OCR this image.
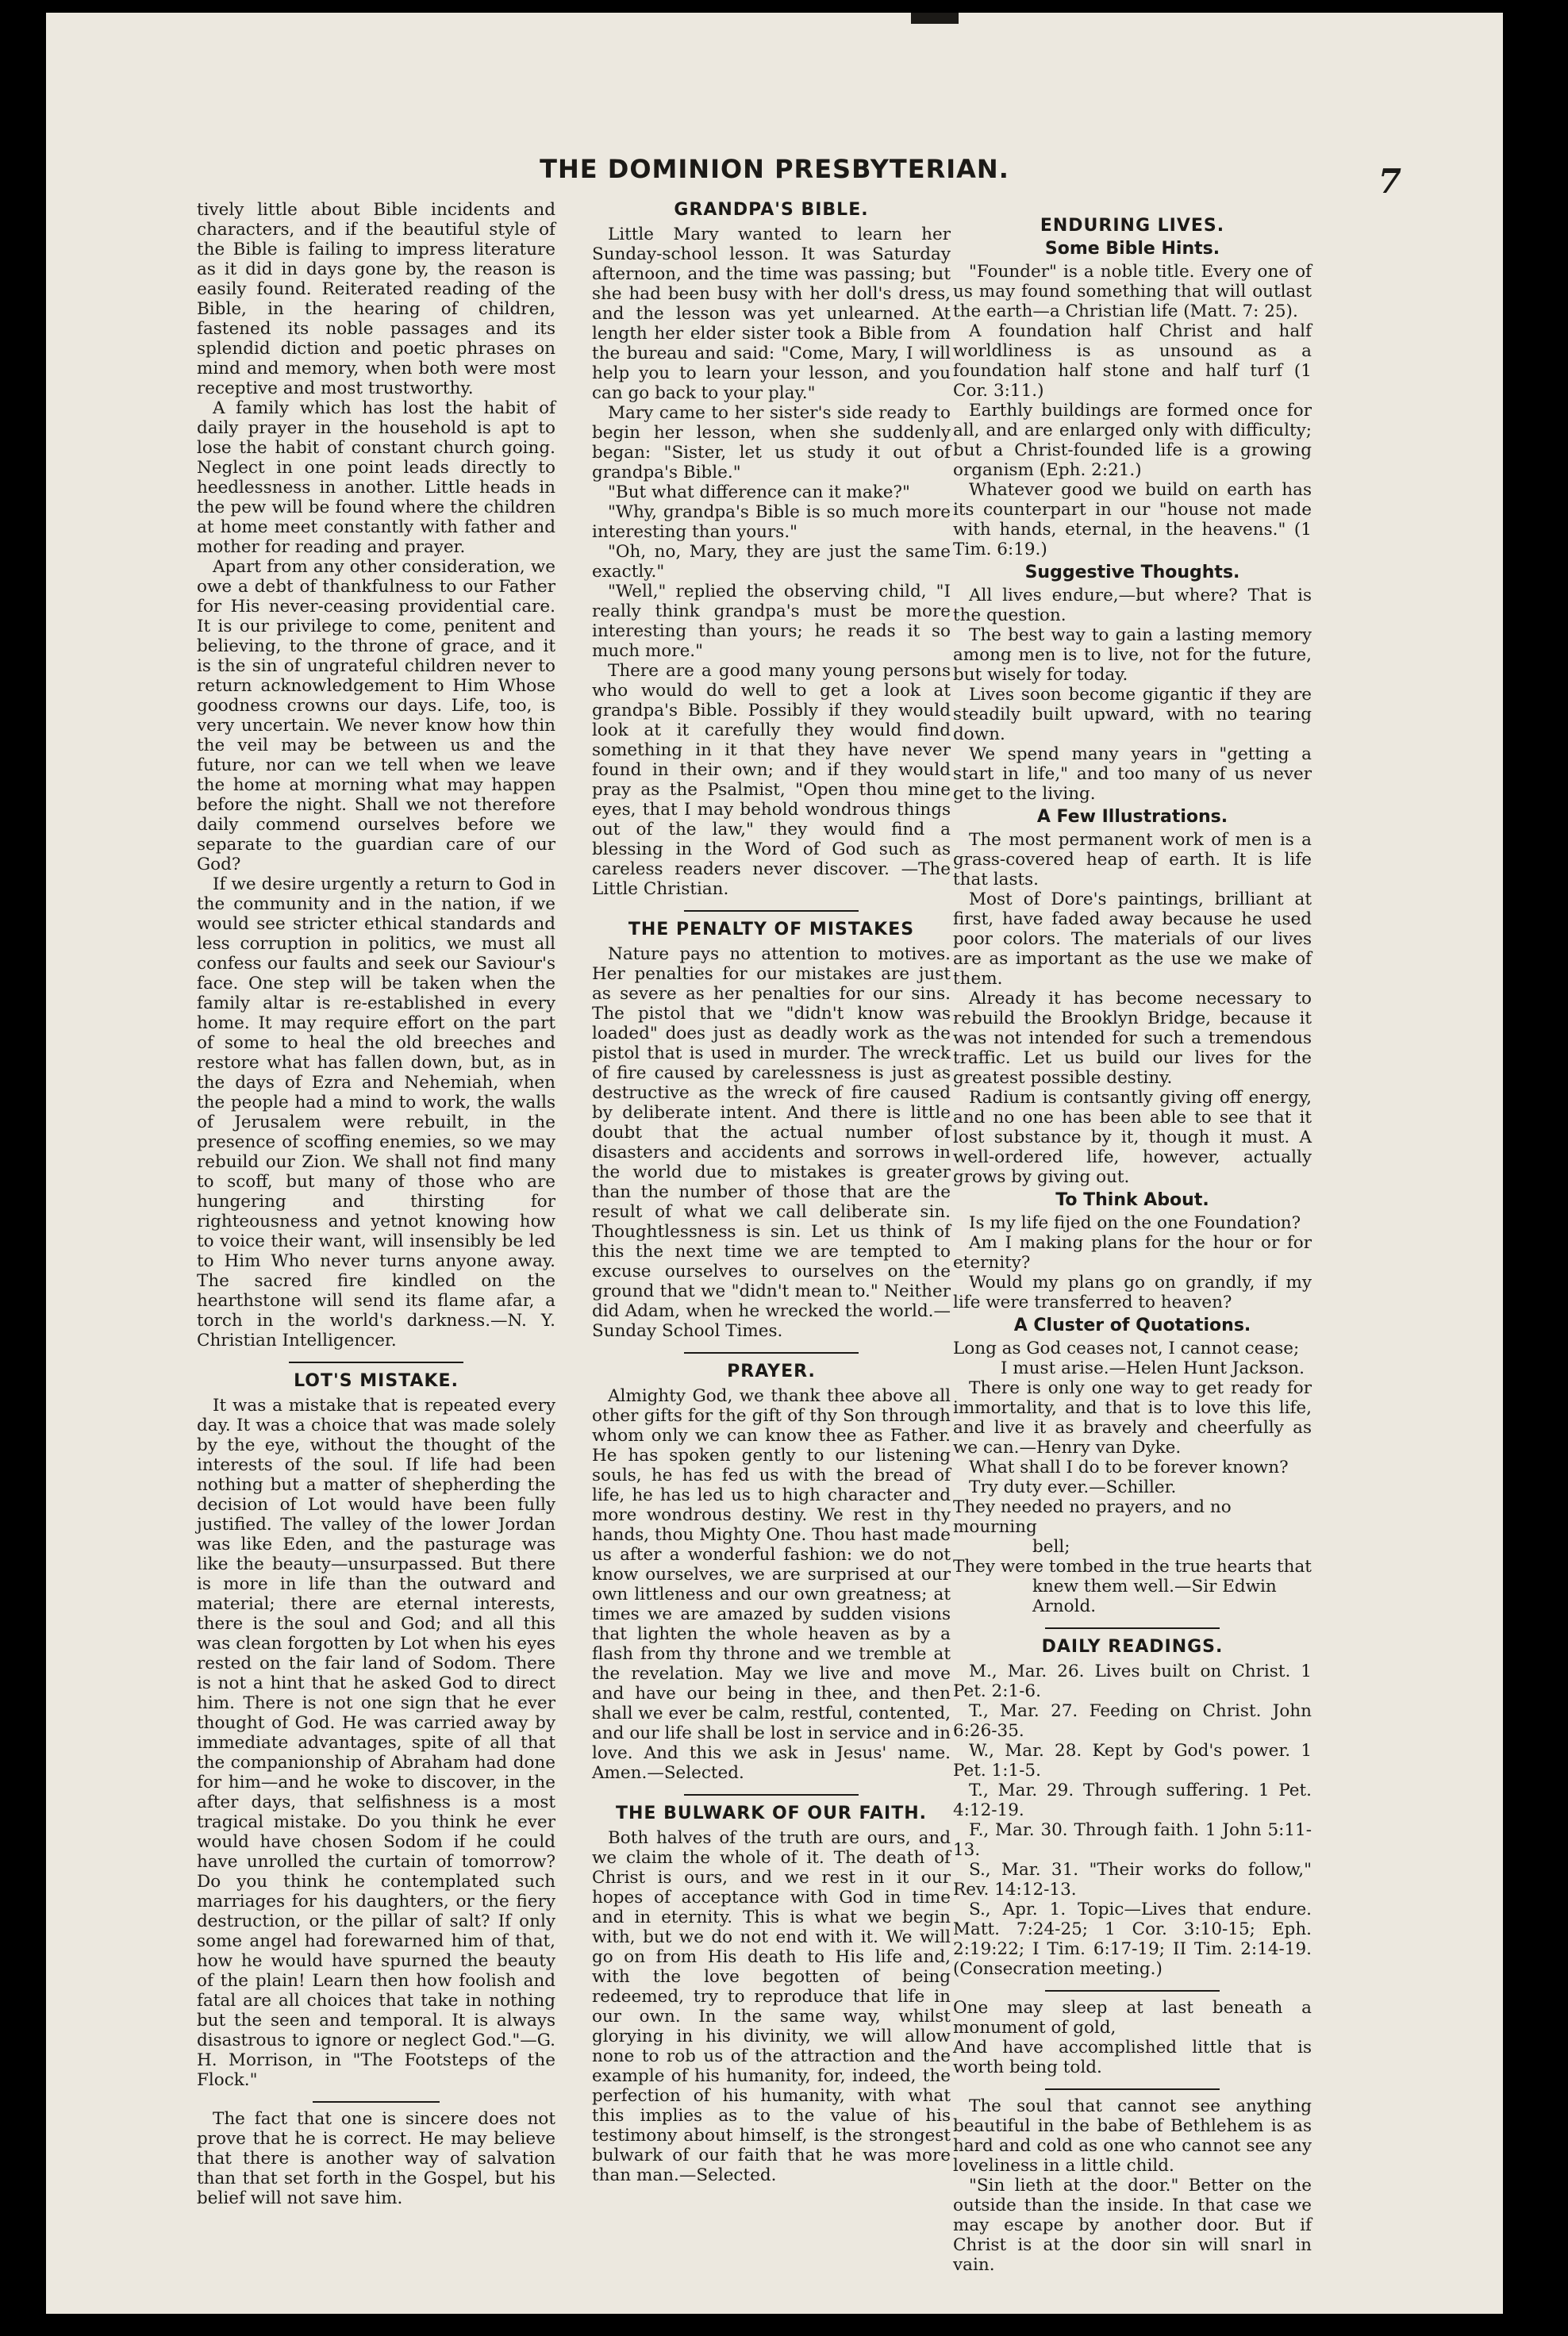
THE DOMINION PRESBYTERIAN.	7

tively little about Bible incidents and characters, and if the beautiful style of the Bible is failing to impress literature as it did in days gone by, the reason is easily found. Reiterated reading of the Bible, in the hearing of children, fastened its noble passages and its splendid diction and poetic phrases on mind and memory, when both were most receptive and most trustworthy.

A family which has lost the habit of daily prayer in the household is apt to lose the habit of constant church going. Neglect in one point leads directly to heedlessness in another. Little heads in the pew will be found where the children at home meet constantly with father and mother for reading and prayer.

Apart from any other consideration, we owe a debt of thankfulness to our Father for His never-ceasing providential care. It is our privilege to come, penitent and believing, to the throne of grace, and it is the sin of ungrateful children never to return acknowledgement to Him Whose goodness crowns our days. Life, too, is very uncertain. We never know how thin the veil may be between us and the future, nor can we tell when we leave the home at morning what may happen before the night. Shall we not therefore daily commend ourselves before we separate to the guardian care of our God?

If we desire urgently a return to God in the community and in the nation, if we would see stricter ethical standards and less corruption in politics, we must all confess our faults and seek our Saviour's face. One step will be taken when the family altar is re-established in every home. It may require effort on the part of some to heal the old breeches and restore what has fallen down, but, as in the days of Ezra and Nehemiah, when the people had a mind to work, the walls of Jerusalem were rebuilt, in the presence of scoffing enemies, so we may rebuild our Zion. We shall not find many to scoff, but many of those who are hungering and thirsting for righteousness and yetnot knowing how to voice their want, will insensibly be led to Him Who never turns anyone away. The sacred fire kindled on the hearthstone will send its flame afar, a torch in the world's darkness.—N. Y. Christian Intelligencer.

LOT'S MISTAKE.

It was a mistake that is repeated every day. It was a choice that was made solely by the eye, without the thought of the interests of the soul. If life had been nothing but a matter of shepherding the decision of Lot would have been fully justified. The valley of the lower Jordan was like Eden, and the pasturage was like the beauty—unsurpassed. But there is more in life than the outward and material; there are eternal interests, there is the soul and God; and all this was clean forgotten by Lot when his eyes rested on the fair land of Sodom. There is not a hint that he asked God to direct him. There is not one sign that he ever thought of God. He was carried away by immediate advantages, spite of all that the companionship of Abraham had done for him—and he woke to discover, in the after days, that selfishness is a most tragical mistake. Do you think he ever would have chosen Sodom if he could have unrolled the curtain of tomorrow? Do you think he contemplated such marriages for his daughters, or the fiery destruction, or the pillar of salt? If only some angel had forewarned him of that, how he would have spurned the beauty of the plain! Learn then how foolish and fatal are all choices that take in nothing but the seen and temporal. It is always disastrous to ignore or neglect God."—G. H. Morrison, in "The Footsteps of the Flock."

The fact that one is sincere does not prove that he is correct. He may believe that there is another way of salvation than that set forth in the Gospel, but his belief will not save him.

GRANDPA'S BIBLE.

Little Mary wanted to learn her Sunday-school lesson. It was Saturday afternoon, and the time was passing; but she had been busy with her doll's dress, and the lesson was yet unlearned. At length her elder sister took a Bible from the bureau and said: "Come, Mary, I will help you to learn your lesson, and you can go back to your play."

Mary came to her sister's side ready to begin her lesson, when she suddenly began: "Sister, let us study it out of grandpa's Bible."

"But what difference can it make?"

"Why, grandpa's Bible is so much more interesting than yours."

"Oh, no, Mary, they are just the same exactly."

"Well," replied the observing child, "I really think grandpa's must be more interesting than yours; he reads it so much more."

There are a good many young persons who would do well to get a look at grandpa's Bible. Possibly if they would look at it carefully they would find something in it that they have never found in their own; and if they would pray as the Psalmist, "Open thou mine eyes, that I may behold wondrous things out of the law," they would find a blessing in the Word of God such as careless readers never discover. —The Little Christian.

THE PENALTY OF MISTAKES

Nature pays no attention to motives. Her penalties for our mistakes are just as severe as her penalties for our sins. The pistol that we "didn't know was loaded" does just as deadly work as the pistol that is used in murder. The wreck of fire caused by carelessness is just as destructive as the wreck of fire caused by deliberate intent. And there is little doubt that the actual number of disasters and accidents and sorrows in the world due to mistakes is greater than the number of those that are the result of what we call deliberate sin. Thoughtlessness is sin. Let us think of this the next time we are tempted to excuse ourselves to ourselves on the ground that we "didn't mean to." Neither did Adam, when he wrecked the world.—Sunday School Times.

PRAYER.

Almighty God, we thank thee above all other gifts for the gift of thy Son through whom only we can know thee as Father. He has spoken gently to our listening souls, he has fed us with the bread of life, he has led us to high character and more wondrous destiny. We rest in thy hands, thou Mighty One. Thou hast made us after a wonderful fashion: we do not know ourselves, we are surprised at our own littleness and our own greatness; at times we are amazed by sudden visions that lighten the whole heaven as by a flash from thy throne and we tremble at the revelation. May we live and move and have our being in thee, and then shall we ever be calm, restful, contented, and our life shall be lost in service and in love. And this we ask in Jesus' name. Amen.—Selected.

THE BULWARK OF OUR FAITH.

Both halves of the truth are ours, and we claim the whole of it. The death of Christ is ours, and we rest in it our hopes of acceptance with God in time and in eternity. This is what we begin with, but we do not end with it. We will go on from His death to His life and, with the love begotten of being redeemed, try to reproduce that life in our own. In the same way, whilst glorying in his divinity, we will allow none to rob us of the attraction and the example of his humanity, for, indeed, the perfection of his humanity, with what this implies as to the value of his testimony about himself, is the strongest bulwark of our faith that he was more than man.—Selected.

ENDURING LIVES.
Some Bible Hints.

"Founder" is a noble title. Every one of us may found something that will outlast the earth—a Christian life (Matt. 7: 25).

A foundation half Christ and half worldliness is as unsound as a foundation half stone and half turf (1 Cor. 3:11.)

Earthly buildings are formed once for all, and are enlarged only with difficulty; but a Christ-founded life is a growing organism (Eph. 2:21.)

Whatever good we build on earth has its counterpart in our "house not made with hands, eternal, in the heavens." (1 Tim. 6:19.)

Suggestive Thoughts.

All lives endure,—but where? That is the question.

The best way to gain a lasting memory among men is to live, not for the future, but wisely for today.

Lives soon become gigantic if they are steadily built upward, with no tearing down.

We spend many years in "getting a start in life," and too many of us never get to the living.

A Few Illustrations.

The most permanent work of men is a grass-covered heap of earth. It is life that lasts.

Most of Dore's paintings, brilliant at first, have faded away because he used poor colors. The materials of our lives are as important as the use we make of them.

Already it has become necessary to rebuild the Brooklyn Bridge, because it was not intended for such a tremendous traffic. Let us build our lives for the greatest possible destiny.

Radium is contsantly giving off energy, and no one has been able to see that it lost substance by it, though it must. A well-ordered life, however, actually grows by giving out.

To Think About.

Is my life fijed on the one Foundation?

Am I making plans for the hour or for eternity?

Would my plans go on grandly, if my life were transferred to heaven?

A Cluster of Quotations.

Long as God ceases not, I cannot cease;

I must arise.—Helen Hunt Jackson.

There is only one way to get ready for immortality, and that is to love this life, and live it as bravely and cheerfully as we can.—Henry van Dyke.

What shall I do to be forever known?

Try duty ever.—Schiller.

They needed no prayers, and no mourning

bell;

They were tombed in the true hearts that

knew them well.—Sir Edwin Arnold.

DAILY READINGS.

M., Mar. 26. Lives built on Christ. 1 Pet. 2:1-6.

T., Mar. 27. Feeding on Christ. John 6:26-35.

W., Mar. 28. Kept by God's power. 1 Pet. 1:1-5.

T., Mar. 29. Through suffering. 1 Pet. 4:12-19.

F., Mar. 30. Through faith. 1 John 5:11-13.

S., Mar. 31. "Their works do follow," Rev. 14:12-13.

S., Apr. 1. Topic—Lives that endure. Matt. 7:24-25; 1 Cor. 3:10-15; Eph. 2:19:22; I Tim. 6:17-19; II Tim. 2:14-19. (Consecration meeting.)

One may sleep at last beneath a monument of gold,

And have accomplished little that is worth being told.

The soul that cannot see anything beautiful in the babe of Bethlehem is as hard and cold as one who cannot see any loveliness in a little child.

"Sin lieth at the door." Better on the outside than the inside. In that case we may escape by another door. But if Christ is at the door sin will snarl in vain.
